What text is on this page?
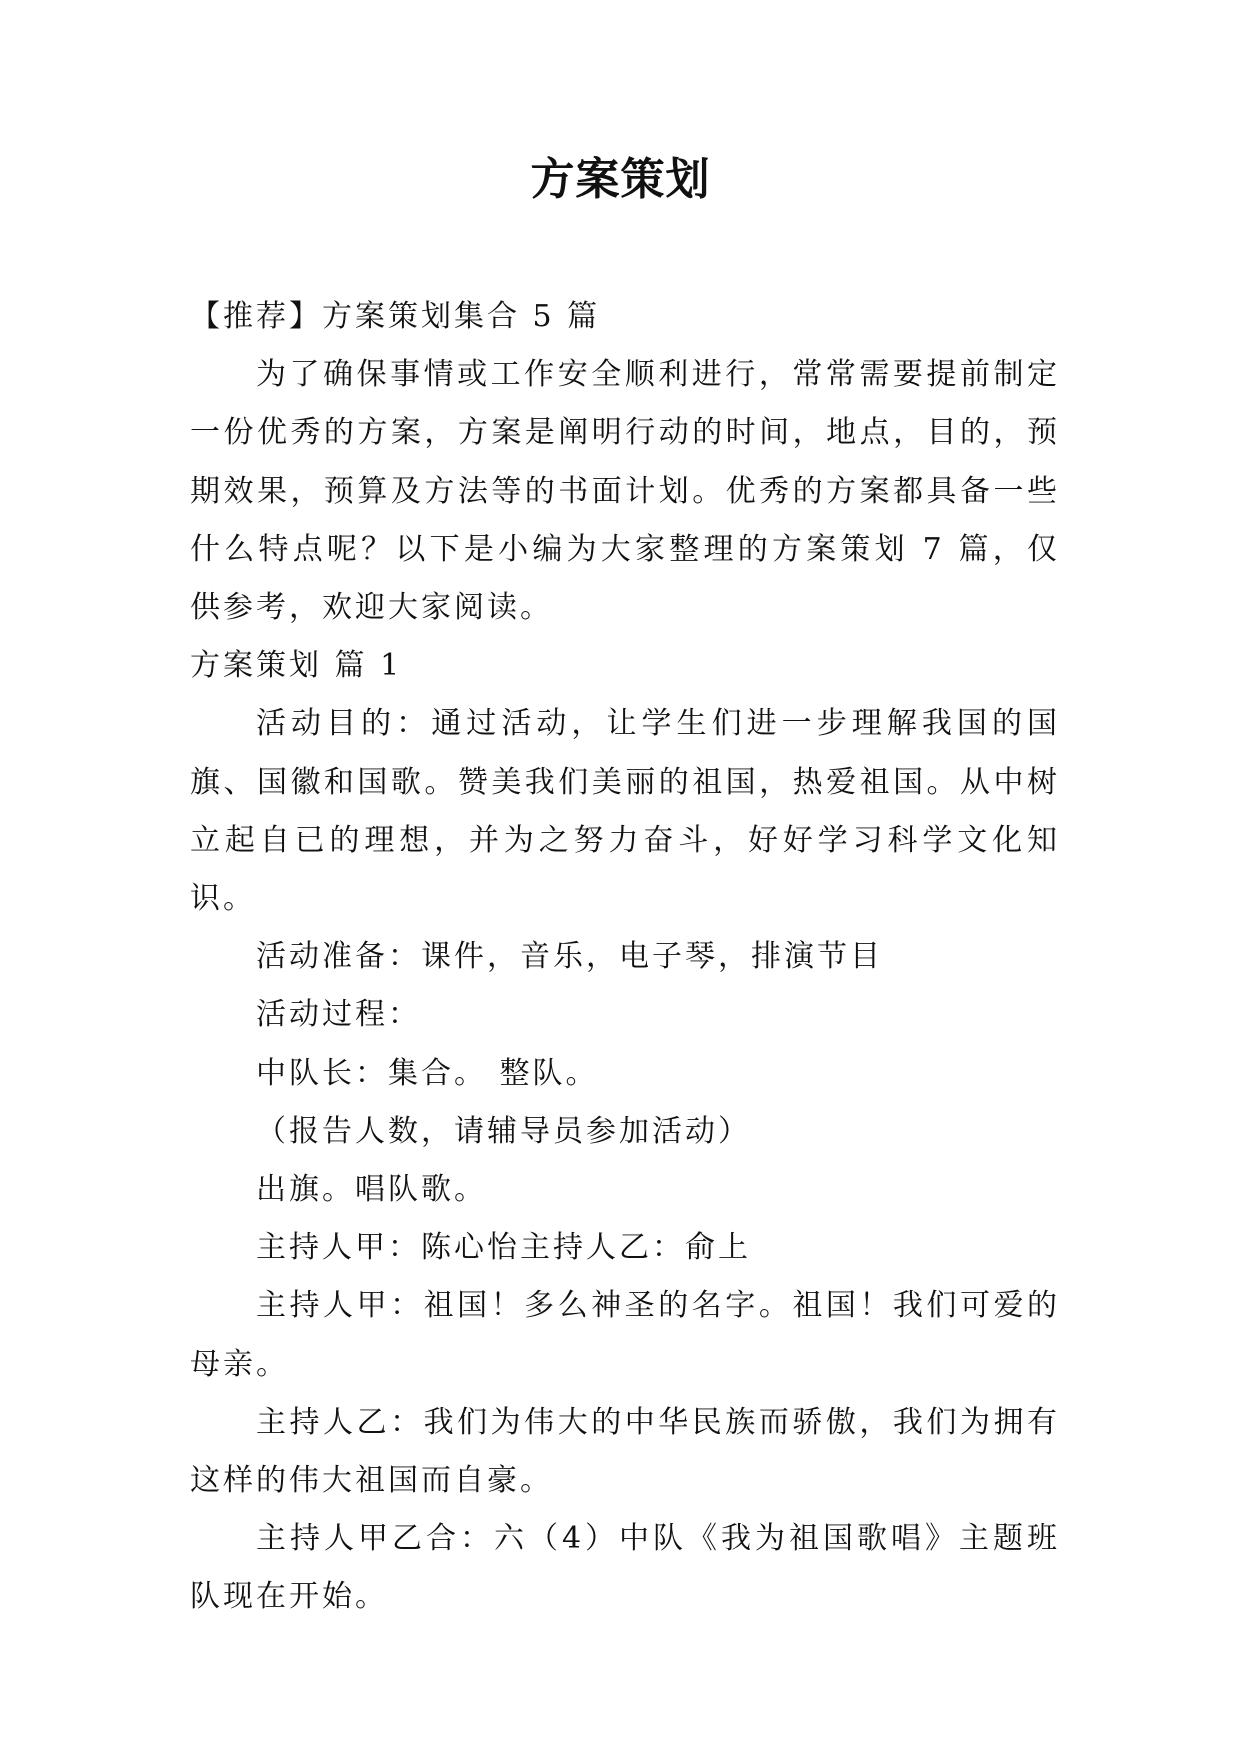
方案策划

【推荐】方案策划集合 5 篇

为了确保事情或工作安全顺利进行，常常需要提前制定一份优秀的方案，方案是阐明行动的时间，地点，目的，预期效果，预算及方法等的书面计划。优秀的方案都具备一些什么特点呢？以下是小编为大家整理的方案策划 7 篇，仅供参考，欢迎大家阅读。

方案策划 篇 1

活动目的：通过活动，让学生们进一步理解我国的国旗、国徽和国歌。赞美我们美丽的祖国，热爱祖国。从中树立起自已的理想，并为之努力奋斗，好好学习科学文化知识。

活动准备：课件，音乐，电子琴，排演节目

活动过程：

中队长：集合。 整队。

（报告人数，请辅导员参加活动）

出旗。唱队歌。

主持人甲：陈心怡主持人乙：俞上

主持人甲：祖国！多么神圣的名字。祖国！我们可爱的母亲。

主持人乙：我们为伟大的中华民族而骄傲，我们为拥有这样的伟大祖国而自豪。

主持人甲乙合：六（4）中队《我为祖国歌唱》主题班队现在开始。
